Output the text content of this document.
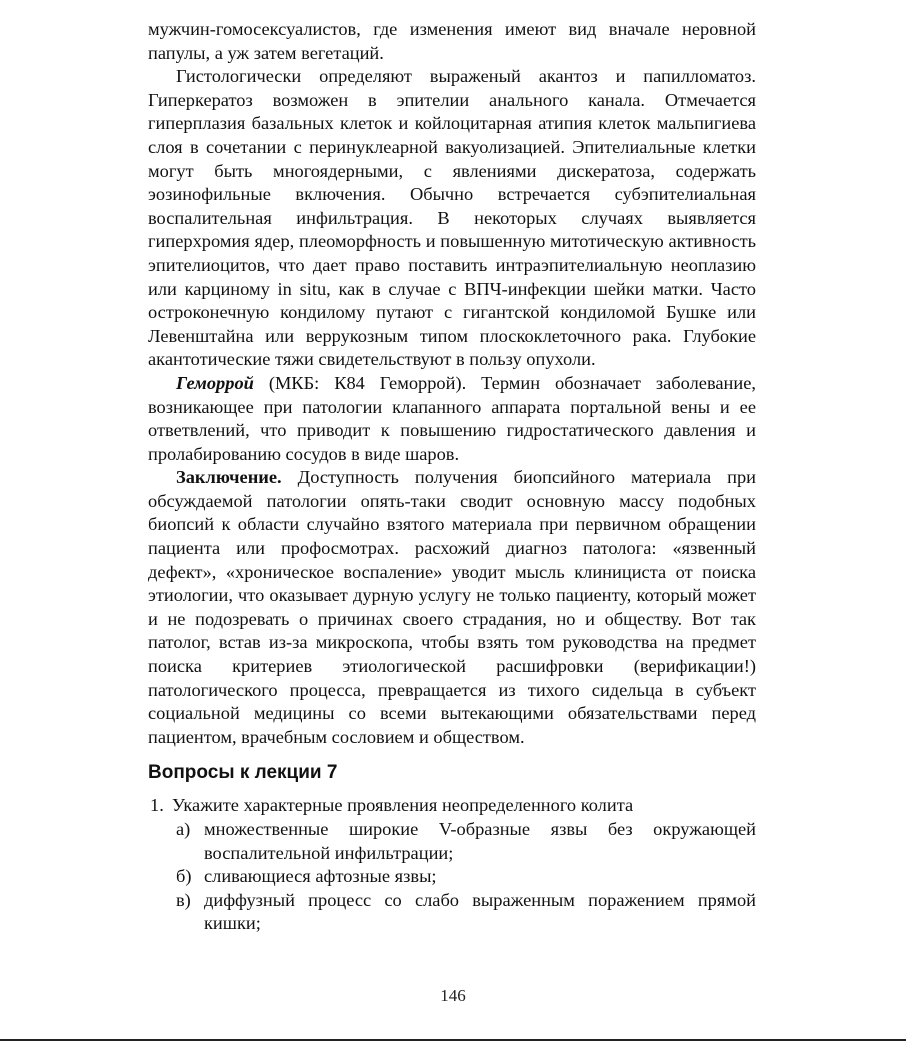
мужчин-гомосексуалистов, где изменения имеют вид вначале неровной папулы, а уж затем вегетаций.

Гистологически определяют выраженый акантоз и папилломатоз. Гиперкератоз возможен в эпителии анального канала. Отмечается гиперплазия базальных клеток и койлоцитарная атипия клеток мальпигиева слоя в сочетании с перинуклеарной вакуолизацией. Эпителиальные клетки могут быть многоядерными, с явлениями дискератоза, содержать эозинофильные включения. Обычно встречается субэпителиальная воспалительная инфильтрация. В некоторых случаях выявляется гиперхромия ядер, плеоморфность и повышенную митотическую активность эпителиоцитов, что дает право поставить интраэпителиальную неоплазию или карциному in situ, как в случае с ВПЧ-инфекции шейки матки. Часто остроконечную кондилому путают с гигантской кондиломой Бушке или Левенштайна или веррукозным типом плоскоклеточного рака. Глубокие акантотические тяжи свидетельствуют в пользу опухоли.

Геморрой (МКБ: К84 Геморрой). Термин обозначает заболевание, возникающее при патологии клапанного аппарата портальной вены и ее ответвлений, что приводит к повышению гидростатического давления и пролабированию сосудов в виде шаров.

Заключение. Доступность получения биопсийного материала при обсуждаемой патологии опять-таки сводит основную массу подобных биопсий к области случайно взятого материала при первичном обращении пациента или профосмотрах. расхожий диагноз патолога: «язвенный дефект», «хроническое воспаление» уводит мысль клинициста от поиска этиологии, что оказывает дурную услугу не только пациенту, который может и не подозревать о причинах своего страдания, но и обществу. Вот так патолог, встав из-за микроскопа, чтобы взять том руководства на предмет поиска критериев этиологической расшифровки (верификации!) патологического процесса, превращается из тихого сидельца в субъект социальной медицины со всеми вытекающими обязательствами перед пациентом, врачебным сословием и обществом.

Вопросы к лекции 7
1. Укажите характерные проявления неопределенного колита
а) множественные широкие V-образные язвы без окружающей воспалительной инфильтрации;
б) сливающиеся афтозные язвы;
в) диффузный процесс со слабо выраженным поражением прямой кишки;
146
